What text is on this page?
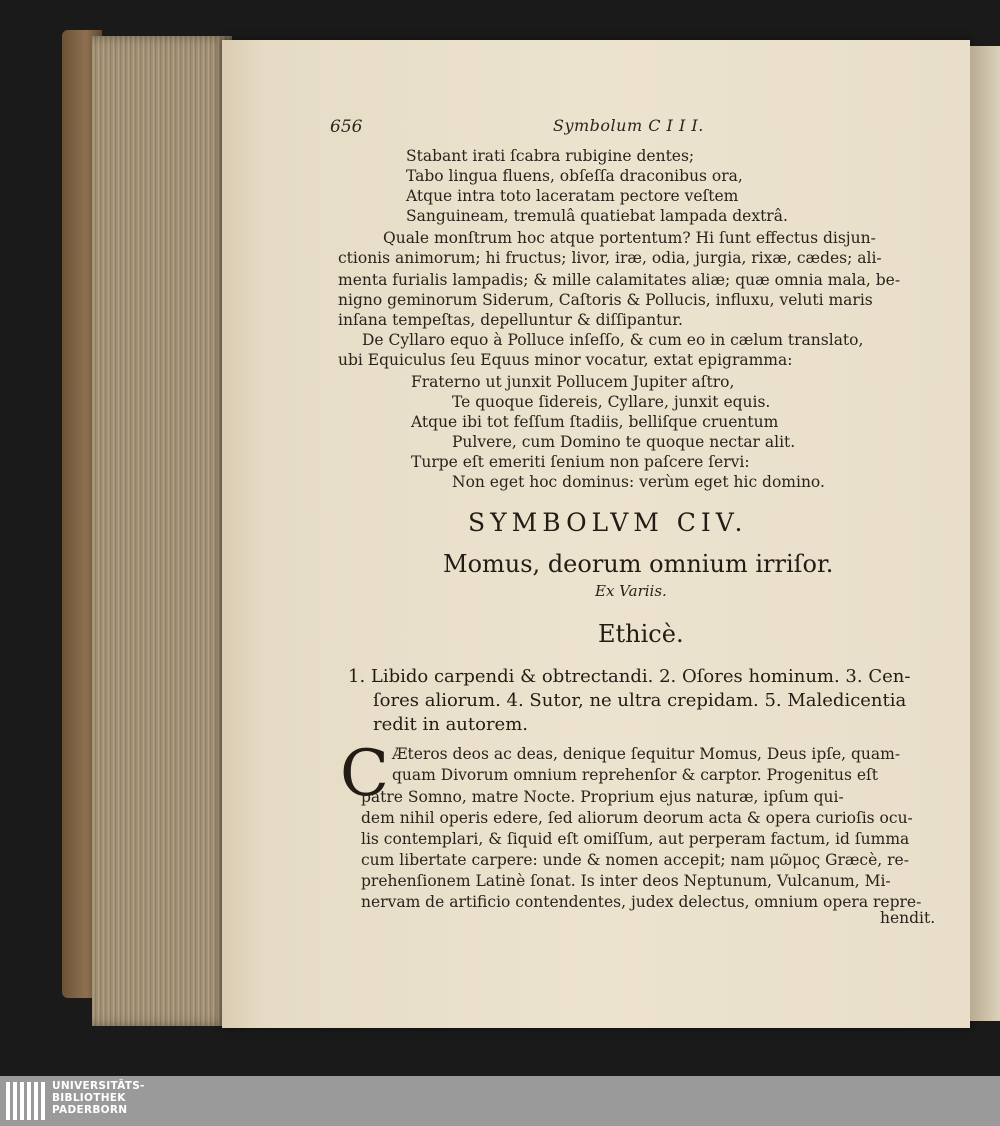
656	Symbolum C I I I.
Stabant irati ſcabra rubigine dentes;
Tabo lingua fluens, obſeſſa draconibus ora,
Atque intra toto laceratam pectore veſtem
Sanguineam, tremulâ quatiebat lampada dextrâ.
Quale monſtrum hoc atque portentum? Hi ſunt effectus disjun-
ctionis animorum; hi fructus; livor, iræ, odia, jurgia, rixæ, cædes; ali-
menta furialis lampadis; & mille calamitates aliæ; quæ omnia mala, be-
nigno geminorum Siderum, Caſtoris & Pollucis, influxu, veluti maris
inſana tempeſtas, depelluntur & diſſipantur.
De Cyllaro equo à Polluce inſeſſo, & cum eo in cælum translato,
ubi Equiculus ſeu Equus minor vocatur, extat epigramma:
Fraterno ut junxit Pollucem Jupiter aſtro,
Te quoque ſidereis, Cyllare, junxit equis.
Atque ibi tot feſſum ſtadiis, belliſque cruentum
Pulvere, cum Domino te quoque nectar alit.
Turpe eſt emeriti ſenium non paſcere ſervi:
Non eget hoc dominus: verùm eget hic domino.
SYMBOLVM CIV.
Momus, deorum omnium irriſor.
Ex Variis.
Ethicè.
1. Libido carpendi & obtrectandi. 2. Oſores hominum. 3. Cen-
ſores aliorum. 4. Sutor, ne ultra crepidam. 5. Maledicentia
redit in autorem.
C Æteros deos ac deas, denique ſequitur Momus, Deus ipſe, quam-
quam Divorum omnium reprehenſor & carptor. Progenitus eſt
patre Somno, matre Nocte. Proprium ejus naturæ, ipſum qui-
dem nihil operis edere, ſed aliorum deorum acta & opera curioſis ocu-
lis contemplari, & ſiquid eſt omiſſum, aut perperam factum, id ſumma
cum libertate carpere: unde & nomen accepit; nam μῶμος Græcè, re-
prehenſionem Latinè ſonat. Is inter deos Neptunum, Vulcanum, Mi-
nervam de artificio contendentes, judex delectus, omnium opera repre-
hendit.
UNIVERSITÄTS-
BIBLIOTHEK
PADERBORN
